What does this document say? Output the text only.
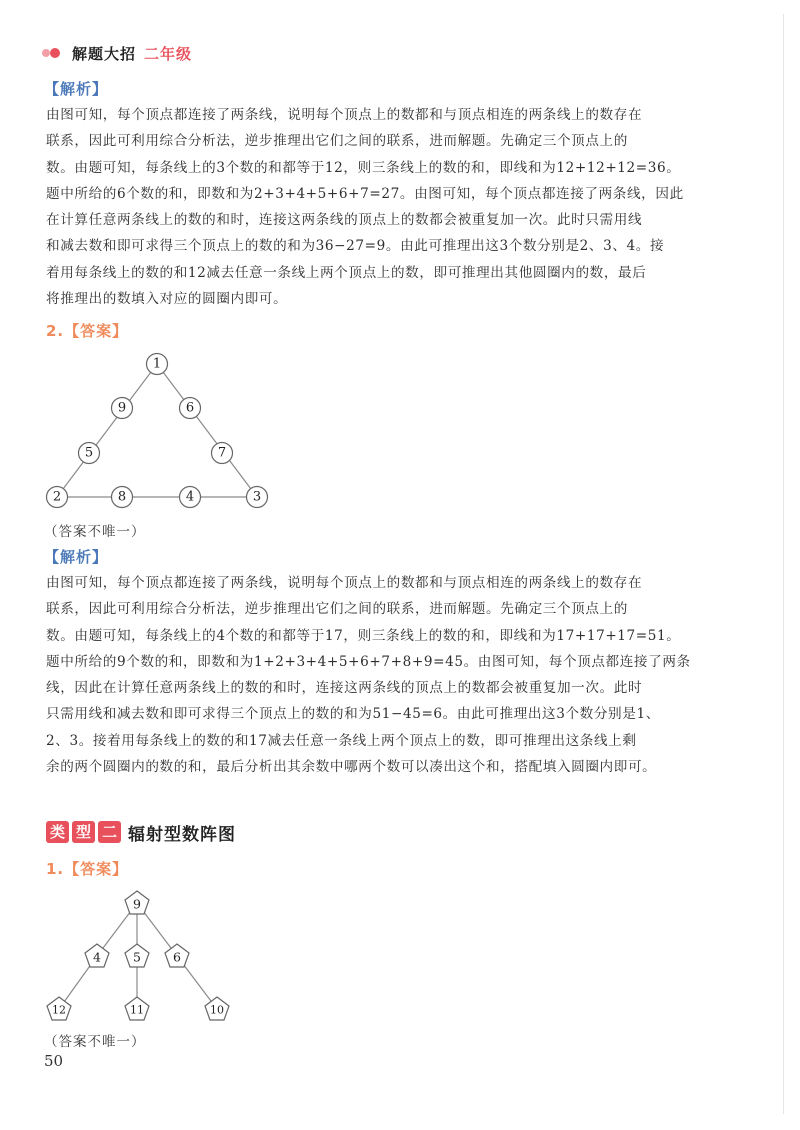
解题大招 二年级
【解析】
由图可知，每个顶点都连接了两条线，说明每个顶点上的数都和与顶点相连的两条线上的数存在
联系，因此可利用综合分析法，逆步推理出它们之间的联系，进而解题。先确定三个顶点上的
数。由题可知，每条线上的3个数的和都等于12，则三条线上的数的和，即线和为12+12+12=36。
题中所给的6个数的和，即数和为2+3+4+5+6+7=27。由图可知，每个顶点都连接了两条线，因此
在计算任意两条线上的数的和时，连接这两条线的顶点上的数都会被重复加一次。此时只需用线
和减去数和即可求得三个顶点上的数的和为36−27=9。由此可推理出这3个数分别是2、3、4。接
着用每条线上的数的和12减去任意一条线上两个顶点上的数，即可推理出其他圆圈内的数，最后
将推理出的数填入对应的圆圈内即可。
2.【答案】
1
9	6
5	7
2	8	4	3
（答案不唯一）
【解析】
由图可知，每个顶点都连接了两条线，说明每个顶点上的数都和与顶点相连的两条线上的数存在
联系，因此可利用综合分析法，逆步推理出它们之间的联系，进而解题。先确定三个顶点上的
数。由题可知，每条线上的4个数的和都等于17，则三条线上的数的和，即线和为17+17+17=51。
题中所给的9个数的和，即数和为1+2+3+4+5+6+7+8+9=45。由图可知，每个顶点都连接了两条
线，因此在计算任意两条线上的数的和时，连接这两条线的顶点上的数都会被重复加一次。此时
只需用线和减去数和即可求得三个顶点上的数的和为51−45=6。由此可推理出这3个数分别是1、
2、3。接着用每条线上的数的和17减去任意一条线上两个顶点上的数，即可推理出这条线上剩
余的两个圆圈内的数的和，最后分析出其余数中哪两个数可以凑出这个和，搭配填入圆圈内即可。
类 型 二 辐射型数阵图
1.【答案】
9
4	5	6
12	11	10
（答案不唯一）
50
